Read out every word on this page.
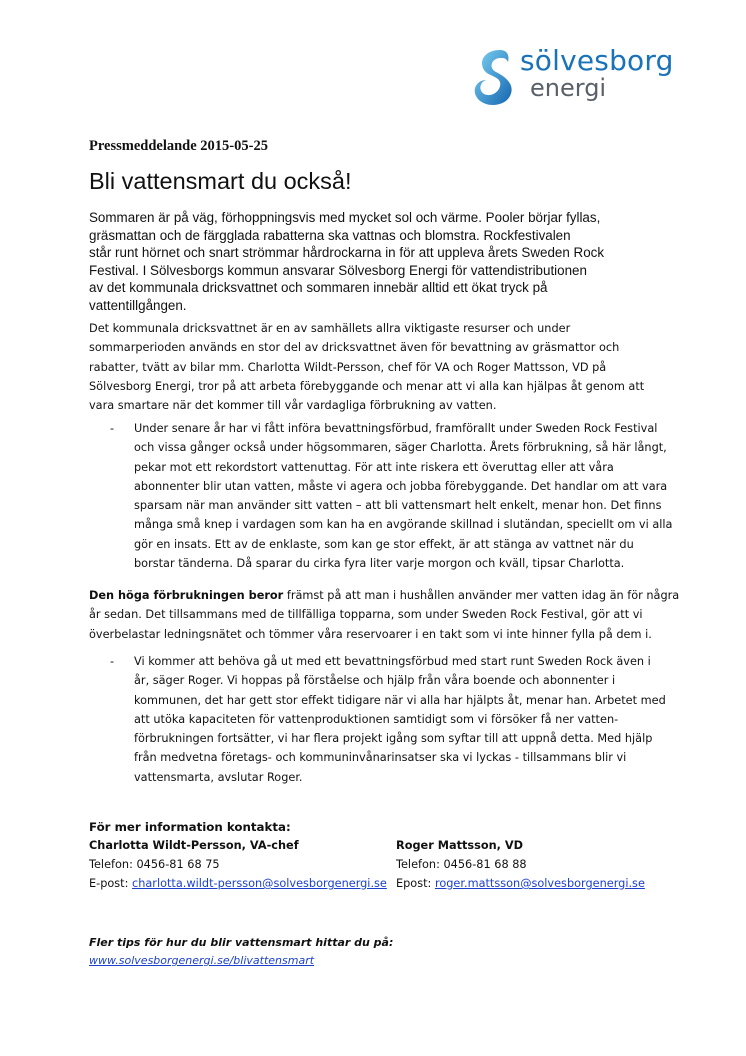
sölvesborg
energi
Pressmeddelande 2015-05-25
Bli vattensmart du också!
Sommaren är på väg, förhoppningsvis med mycket sol och värme. Pooler börjar fyllas,
gräsmattan och de färgglada rabatterna ska vattnas och blomstra. Rockfestivalen
står runt hörnet och snart strömmar hårdrockarna in för att uppleva årets Sweden Rock
Festival. I Sölvesborgs kommun ansvarar Sölvesborg Energi för vattendistributionen
av det kommunala dricksvattnet och sommaren innebär alltid ett ökat tryck på
vattentillgången.
Det kommunala dricksvattnet är en av samhällets allra viktigaste resurser och under
sommarperioden används en stor del av dricksvattnet även för bevattning av gräsmattor och
rabatter, tvätt av bilar mm. Charlotta Wildt-Persson, chef för VA och Roger Mattsson, VD på
Sölvesborg Energi, tror på att arbeta förebyggande och menar att vi alla kan hjälpas åt genom att
vara smartare när det kommer till vår vardagliga förbrukning av vatten.
- Under senare år har vi fått införa bevattningsförbud, framförallt under Sweden Rock Festival
och vissa gånger också under högsommaren, säger Charlotta. Årets förbrukning, så här långt,
pekar mot ett rekordstort vattenuttag. För att inte riskera ett överuttag eller att våra
abonnenter blir utan vatten, måste vi agera och jobba förebyggande. Det handlar om att vara
sparsam när man använder sitt vatten – att bli vattensmart helt enkelt, menar hon. Det finns
många små knep i vardagen som kan ha en avgörande skillnad i slutändan, speciellt om vi alla
gör en insats. Ett av de enklaste, som kan ge stor effekt, är att stänga av vattnet när du
borstar tänderna. Då sparar du cirka fyra liter varje morgon och kväll, tipsar Charlotta.
Den höga förbrukningen beror främst på att man i hushållen använder mer vatten idag än för några
år sedan. Det tillsammans med de tillfälliga topparna, som under Sweden Rock Festival, gör att vi
överbelastar ledningsnätet och tömmer våra reservoarer i en takt som vi inte hinner fylla på dem i.
- Vi kommer att behöva gå ut med ett bevattningsförbud med start runt Sweden Rock även i
år, säger Roger. Vi hoppas på förståelse och hjälp från våra boende och abonnenter i
kommunen, det har gett stor effekt tidigare när vi alla har hjälpts åt, menar han. Arbetet med
att utöka kapaciteten för vattenproduktionen samtidigt som vi försöker få ner vatten-
förbrukningen fortsätter, vi har flera projekt igång som syftar till att uppnå detta. Med hjälp
från medvetna företags- och kommuninvånarinsatser ska vi lyckas - tillsammans blir vi
vattensmarta, avslutar Roger.
För mer information kontakta:
Charlotta Wildt-Persson, VA-chef
Telefon: 0456-81 68 75
E-post: charlotta.wildt-persson@solvesborgenergi.se
Roger Mattsson, VD
Telefon: 0456-81 68 88
Epost: roger.mattsson@solvesborgenergi.se
Fler tips för hur du blir vattensmart hittar du på:
www.solvesborgenergi.se/blivattensmart
